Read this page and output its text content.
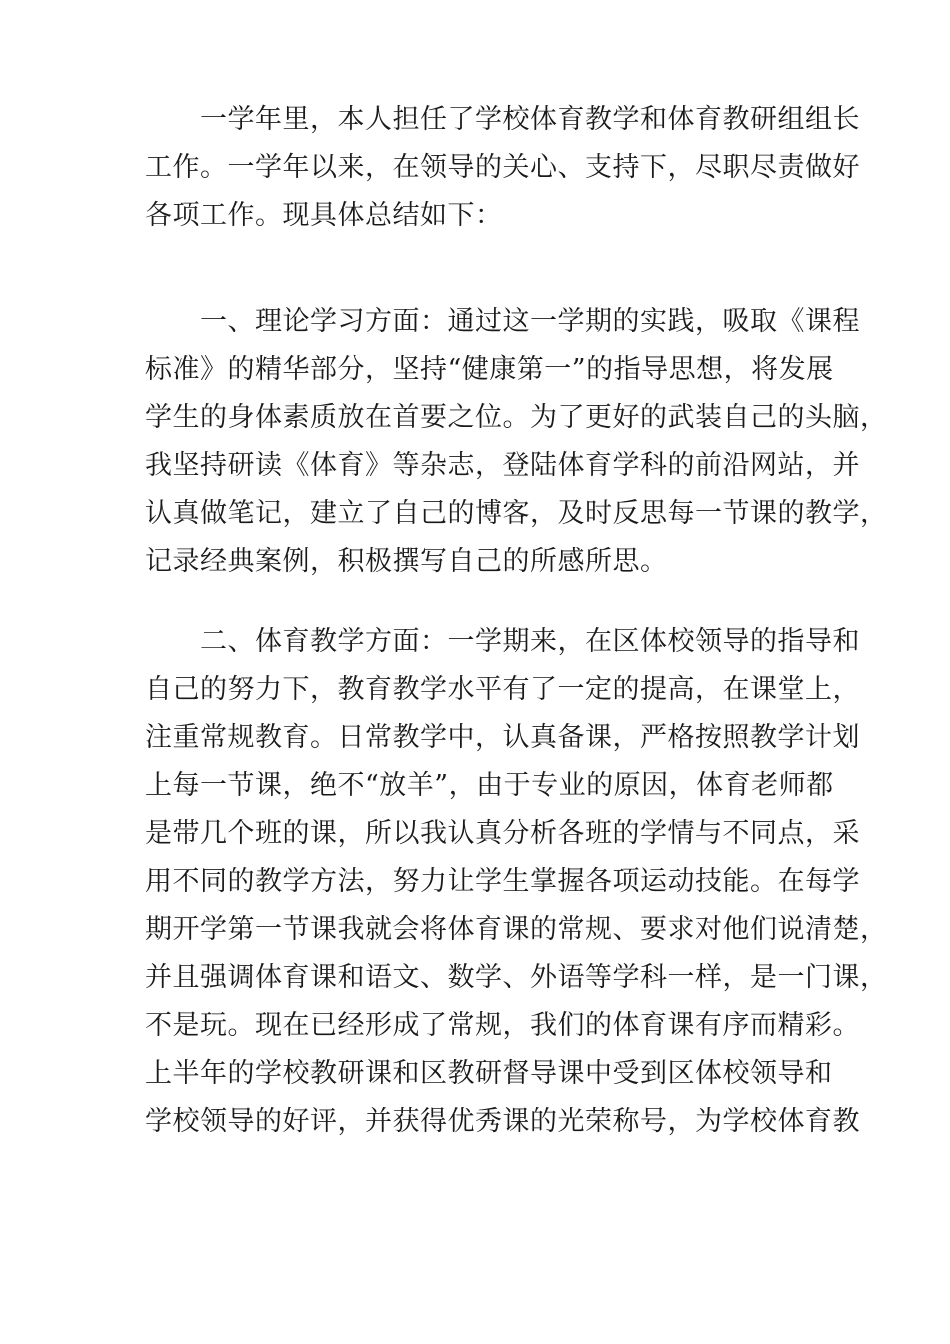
　　一学年里，本人担任了学校体育教学和体育教研组组长
工作。一学年以来，在领导的关心、支持下，尽职尽责做好
各项工作。现具体总结如下：

　　一、理论学习方面：通过这一学期的实践，吸取《课程
标准》的精华部分，坚持“健康第一”的指导思想，将发展
学生的身体素质放在首要之位。为了更好的武装自己的头脑，
我坚持研读《体育》等杂志，登陆体育学科的前沿网站，并
认真做笔记，建立了自己的博客，及时反思每一节课的教学，
记录经典案例，积极撰写自己的所感所思。

　　二、体育教学方面：一学期来，在区体校领导的指导和
自己的努力下，教育教学水平有了一定的提高，在课堂上，
注重常规教育。日常教学中，认真备课，严格按照教学计划
上每一节课，绝不“放羊”，由于专业的原因，体育老师都
是带几个班的课，所以我认真分析各班的学情与不同点，采
用不同的教学方法，努力让学生掌握各项运动技能。在每学
期开学第一节课我就会将体育课的常规、要求对他们说清楚，
并且强调体育课和语文、数学、外语等学科一样，是一门课，
不是玩。现在已经形成了常规，我们的体育课有序而精彩。
上半年的学校教研课和区教研督导课中受到区体校领导和
学校领导的好评，并获得优秀课的光荣称号，为学校体育教
